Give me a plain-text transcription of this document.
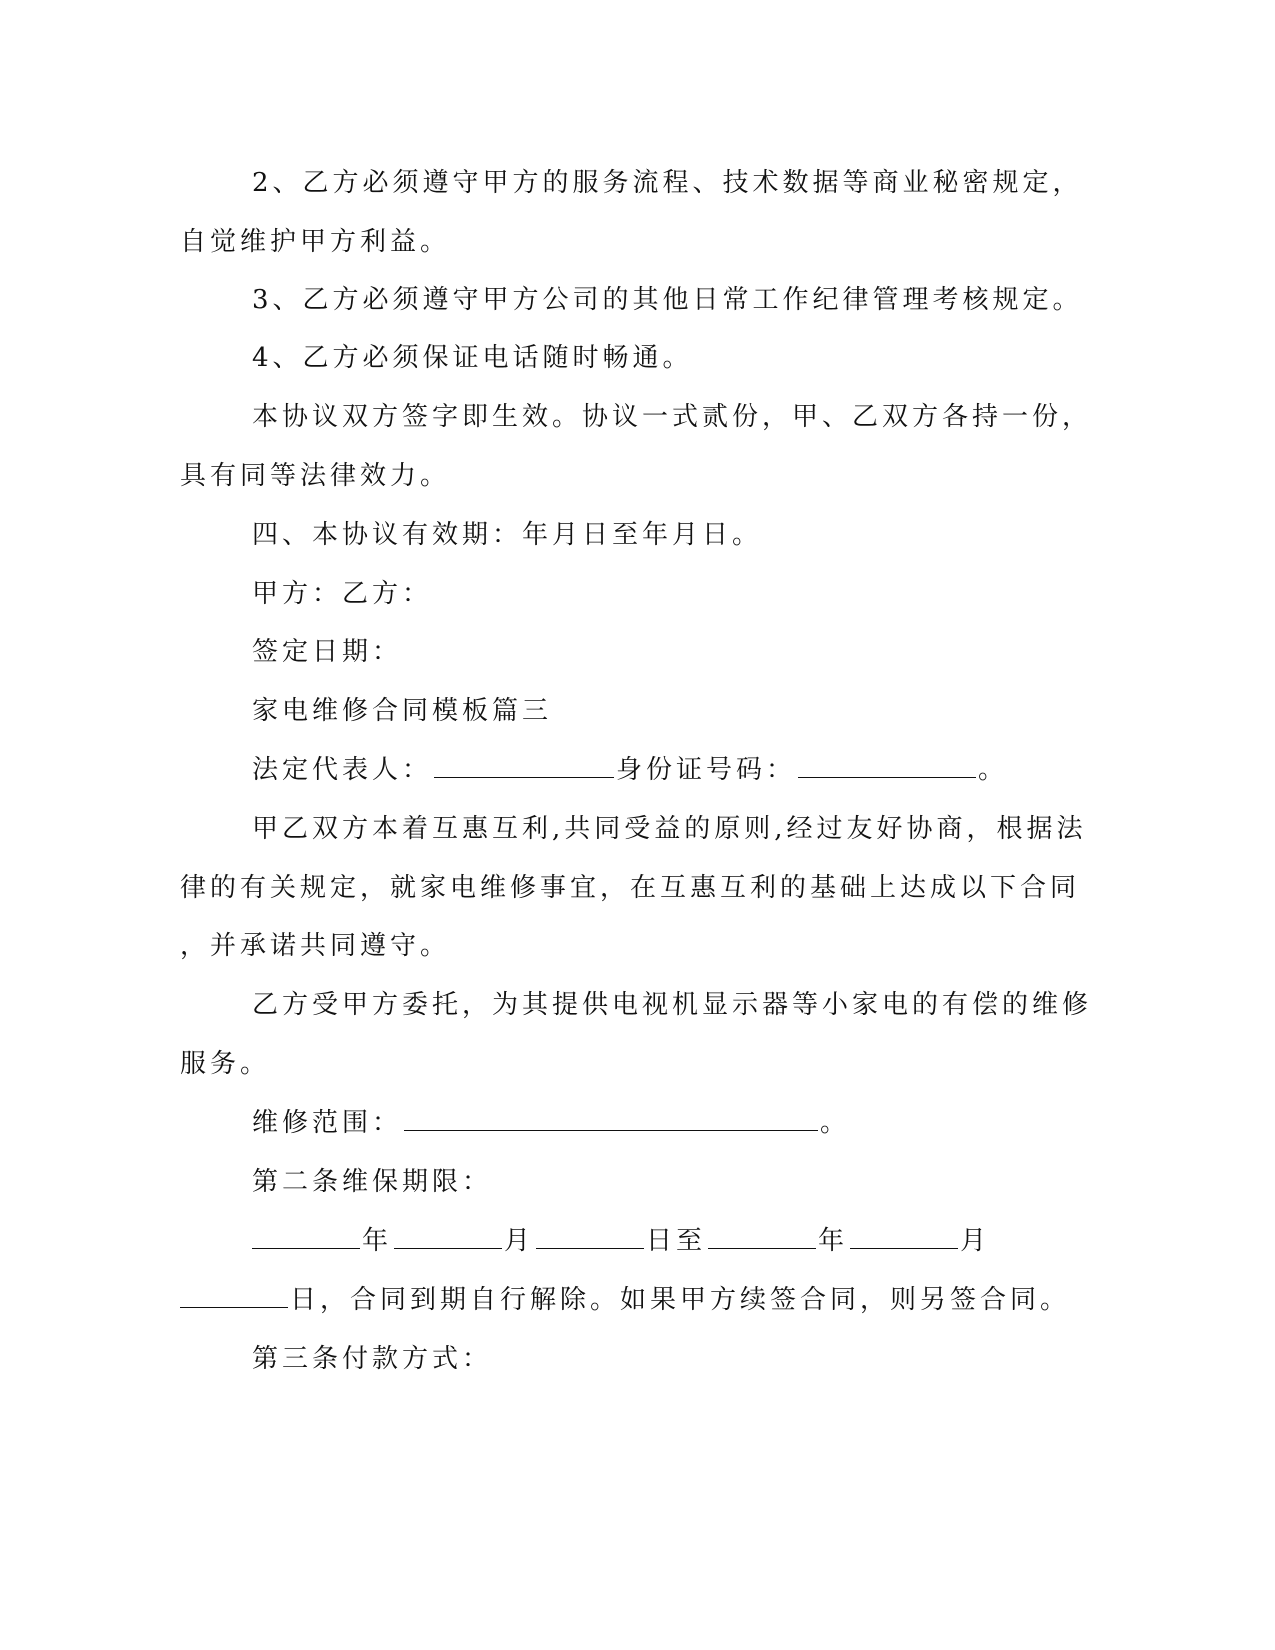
2、乙方必须遵守甲方的服务流程、技术数据等商业秘密规定，
自觉维护甲方利益。
3、乙方必须遵守甲方公司的其他日常工作纪律管理考核规定。
4、乙方必须保证电话随时畅通。
本协议双方签字即生效。协议一式贰份，甲、乙双方各持一份，
具有同等法律效力。
四、本协议有效期：年月日至年月日。
甲方：乙方：
签定日期：
家电维修合同模板篇三
法定代表人：	身份证号码：	。
甲乙双方本着互惠互利,共同受益的原则,经过友好协商，根据法
律的有关规定，就家电维修事宜，在互惠互利的基础上达成以下合同
，并承诺共同遵守。
乙方受甲方委托，为其提供电视机显示器等小家电的有偿的维修
服务。
维修范围：	。
第二条维保期限：
年	月	日至	年	月
日，合同到期自行解除。如果甲方续签合同，则另签合同。
第三条付款方式：
